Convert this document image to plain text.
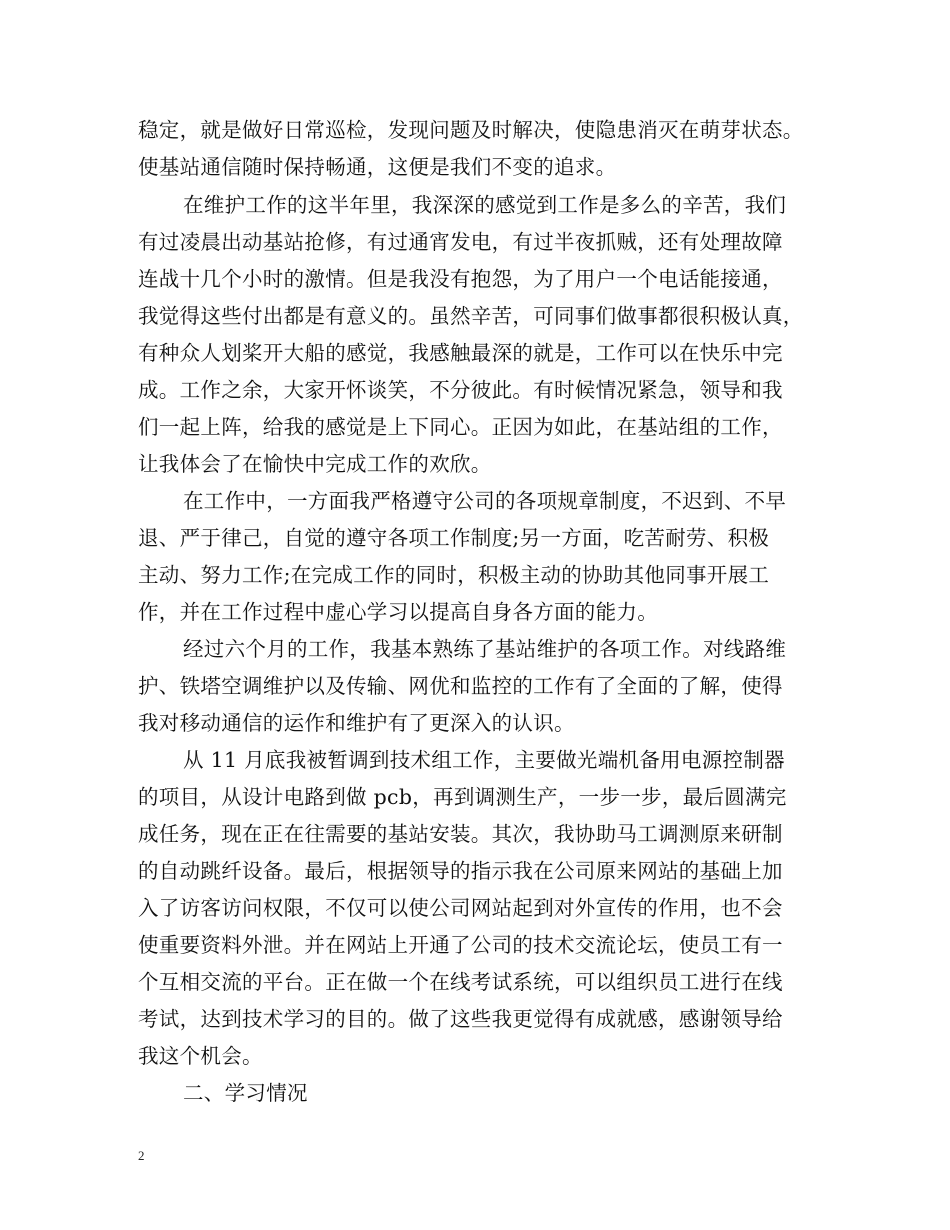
稳定，就是做好日常巡检，发现问题及时解决，使隐患消灭在萌芽状态。
使基站通信随时保持畅通，这便是我们不变的追求。
在维护工作的这半年里，我深深的感觉到工作是多么的辛苦，我们
有过凌晨出动基站抢修，有过通宵发电，有过半夜抓贼，还有处理故障
连战十几个小时的激情。但是我没有抱怨，为了用户一个电话能接通，
我觉得这些付出都是有意义的。虽然辛苦，可同事们做事都很积极认真，
有种众人划桨开大船的感觉，我感触最深的就是，工作可以在快乐中完
成。工作之余，大家开怀谈笑，不分彼此。有时候情况紧急，领导和我
们一起上阵，给我的感觉是上下同心。正因为如此，在基站组的工作，
让我体会了在愉快中完成工作的欢欣。
在工作中，一方面我严格遵守公司的各项规章制度，不迟到、不早
退、严于律己，自觉的遵守各项工作制度;另一方面，吃苦耐劳、积极
主动、努力工作;在完成工作的同时，积极主动的协助其他同事开展工
作，并在工作过程中虚心学习以提高自身各方面的能力。
经过六个月的工作，我基本熟练了基站维护的各项工作。对线路维
护、铁塔空调维护以及传输、网优和监控的工作有了全面的了解，使得
我对移动通信的运作和维护有了更深入的认识。
从 11 月底我被暂调到技术组工作，主要做光端机备用电源控制器
的项目，从设计电路到做 pcb，再到调测生产，一步一步，最后圆满完
成任务，现在正在往需要的基站安装。其次，我协助马工调测原来研制
的自动跳纤设备。最后，根据领导的指示我在公司原来网站的基础上加
入了访客访问权限，不仅可以使公司网站起到对外宣传的作用，也不会
使重要资料外泄。并在网站上开通了公司的技术交流论坛，使员工有一
个互相交流的平台。正在做一个在线考试系统，可以组织员工进行在线
考试，达到技术学习的目的。做了这些我更觉得有成就感，感谢领导给
我这个机会。
二、学习情况
2
